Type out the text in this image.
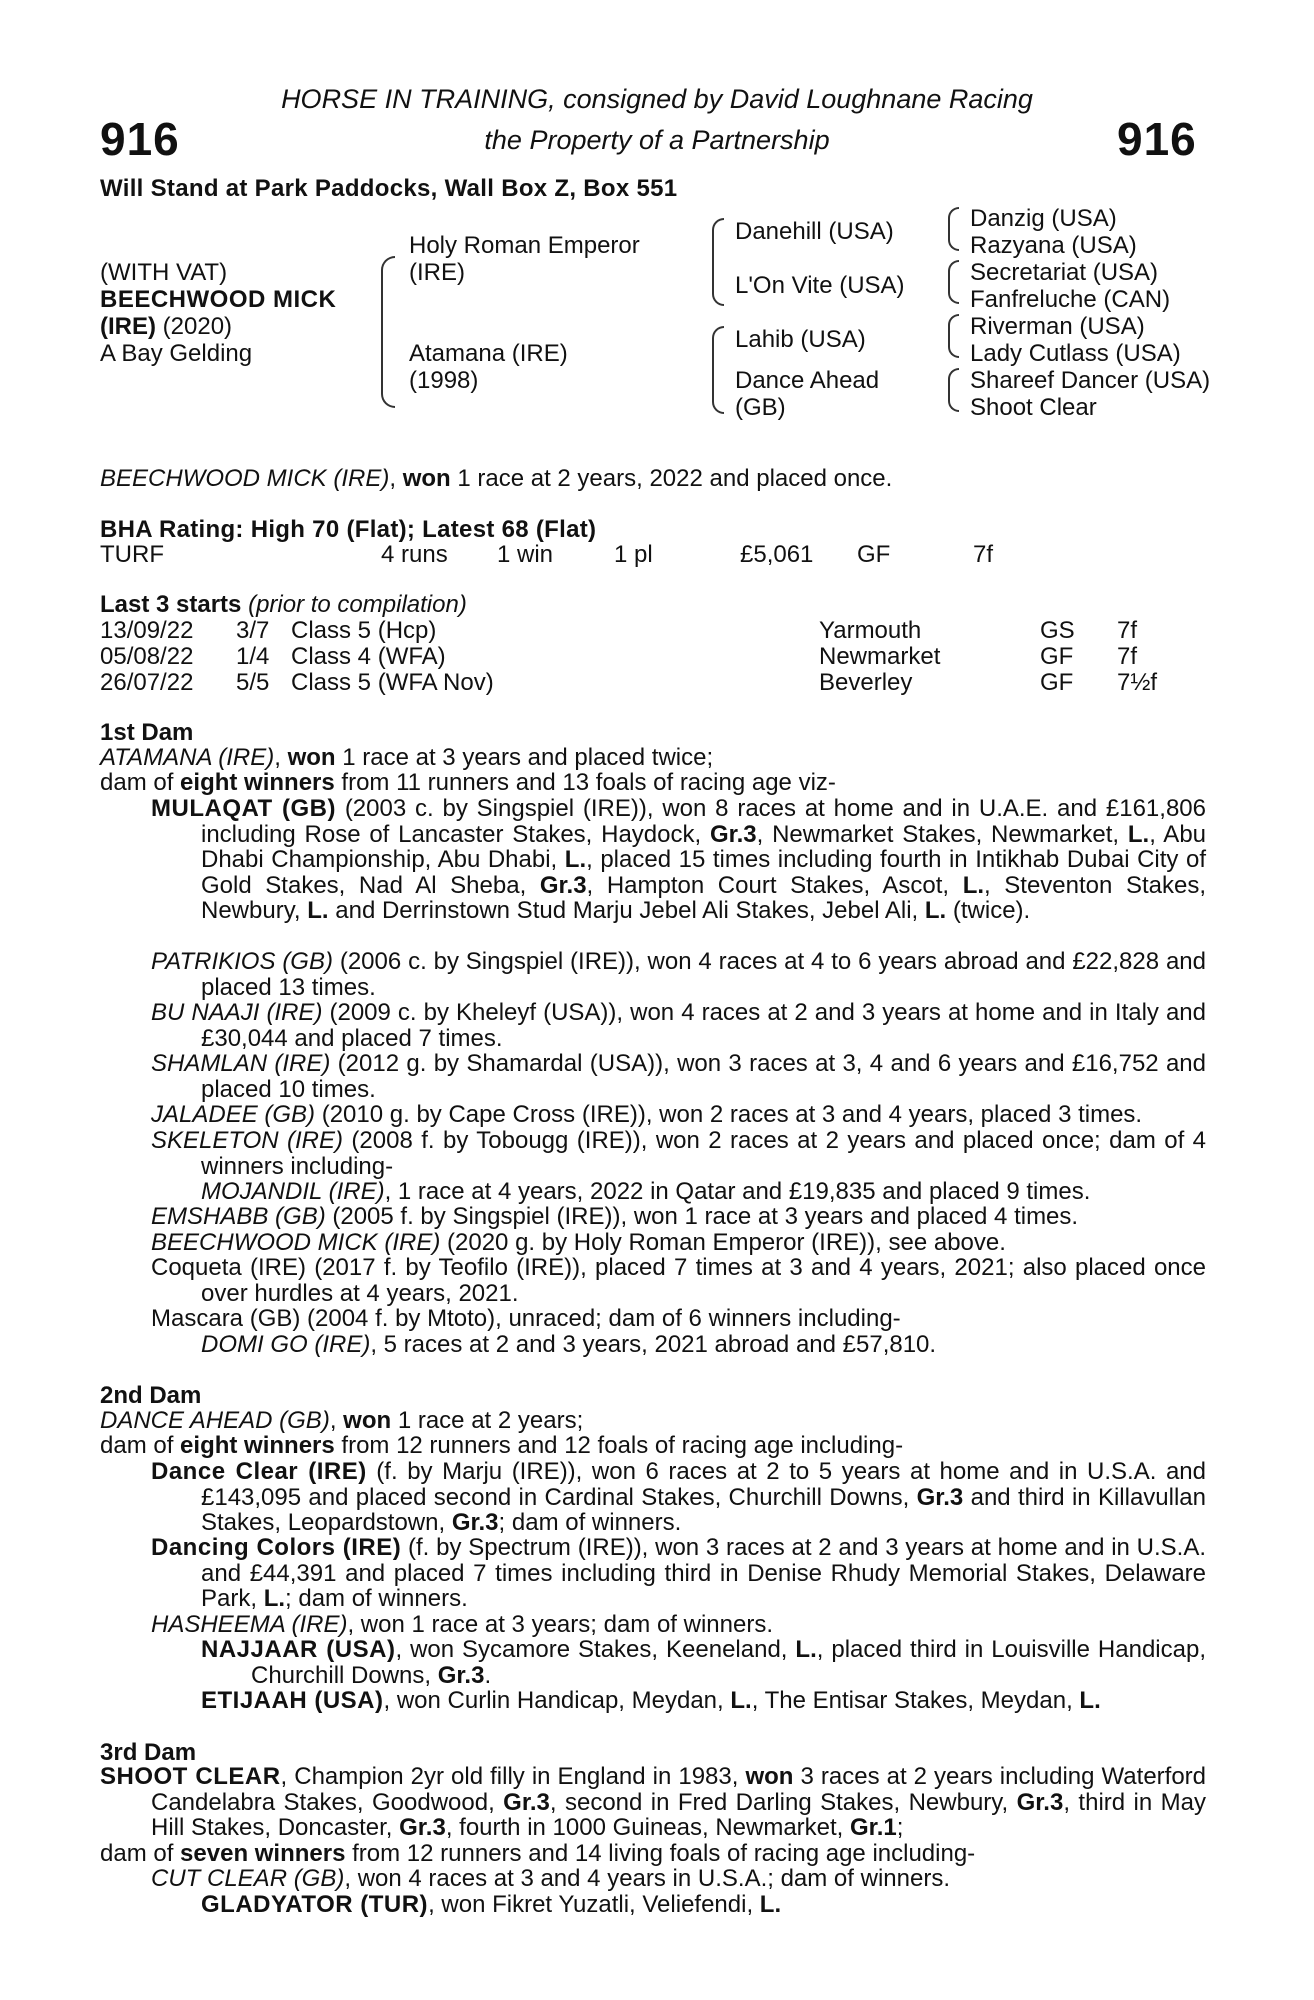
916	916
HORSE IN TRAINING, consigned by David Loughnane Racing
the Property of a Partnership
Will Stand at Park Paddocks, Wall Box Z, Box 551
(WITH VAT)
BEECHWOOD MICK
(IRE) (2020)
A Bay Gelding
Holy Roman Emperor
(IRE)
Atamana (IRE)
(1998)
Danehill (USA)
L'On Vite (USA)
Lahib (USA)
Dance Ahead
(GB)
Danzig (USA)
Razyana (USA)
Secretariat (USA)
Fanfreluche (CAN)
Riverman (USA)
Lady Cutlass (USA)
Shareef Dancer (USA)
Shoot Clear
BEECHWOOD MICK (IRE), won 1 race at 2 years, 2022 and placed once.
BHA Rating: High 70 (Flat); Latest 68 (Flat)
TURF	4 runs 1 win	1 pl	£5,061 GF	7f
Last 3 starts (prior to compilation)
13/09/22 3/7 Class 5 (Hcp)	Yarmouth	GS 7f
05/08/22 1/4 Class 4 (WFA)	Newmarket	GF 7f
26/07/22 5/5 Class 5 (WFA Nov)	Beverley	GF 7½f
1st Dam
ATAMANA (IRE), won 1 race at 3 years and placed twice;
dam of eight winners from 11 runners and 13 foals of racing age viz-
MULAQAT (GB) (2003 c. by Singspiel (IRE)), won 8 races at home and in U.A.E. and £161,806 including Rose of Lancaster Stakes, Haydock, Gr.3, Newmarket Stakes, Newmarket, L., Abu Dhabi Championship, Abu Dhabi, L., placed 15 times including fourth in Intikhab Dubai City of Gold Stakes, Nad Al Sheba, Gr.3, Hampton Court Stakes, Ascot, L., Steventon Stakes, Newbury, L. and Derrinstown Stud Marju Jebel Ali Stakes, Jebel Ali, L. (twice).
PATRIKIOS (GB) (2006 c. by Singspiel (IRE)), won 4 races at 4 to 6 years abroad and £22,828 and placed 13 times.
BU NAAJI (IRE) (2009 c. by Kheleyf (USA)), won 4 races at 2 and 3 years at home and in Italy and £30,044 and placed 7 times.
SHAMLAN (IRE) (2012 g. by Shamardal (USA)), won 3 races at 3, 4 and 6 years and £16,752 and placed 10 times.
JALADEE (GB) (2010 g. by Cape Cross (IRE)), won 2 races at 3 and 4 years, placed 3 times.
SKELETON (IRE) (2008 f. by Tobougg (IRE)), won 2 races at 2 years and placed once; dam of 4 winners including-
MOJANDIL (IRE), 1 race at 4 years, 2022 in Qatar and £19,835 and placed 9 times.
EMSHABB (GB) (2005 f. by Singspiel (IRE)), won 1 race at 3 years and placed 4 times.
BEECHWOOD MICK (IRE) (2020 g. by Holy Roman Emperor (IRE)), see above.
Coqueta (IRE) (2017 f. by Teofilo (IRE)), placed 7 times at 3 and 4 years, 2021; also placed once over hurdles at 4 years, 2021.
Mascara (GB) (2004 f. by Mtoto), unraced; dam of 6 winners including-
DOMI GO (IRE), 5 races at 2 and 3 years, 2021 abroad and £57,810.
2nd Dam
DANCE AHEAD (GB), won 1 race at 2 years;
dam of eight winners from 12 runners and 12 foals of racing age including-
Dance Clear (IRE) (f. by Marju (IRE)), won 6 races at 2 to 5 years at home and in U.S.A. and £143,095 and placed second in Cardinal Stakes, Churchill Downs, Gr.3 and third in Killavullan Stakes, Leopardstown, Gr.3; dam of winners.
Dancing Colors (IRE) (f. by Spectrum (IRE)), won 3 races at 2 and 3 years at home and in U.S.A. and £44,391 and placed 7 times including third in Denise Rhudy Memorial Stakes, Delaware Park, L.; dam of winners.
HASHEEMA (IRE), won 1 race at 3 years; dam of winners.
NAJJAAR (USA), won Sycamore Stakes, Keeneland, L., placed third in Louisville Handicap, Churchill Downs, Gr.3.
ETIJAAH (USA), won Curlin Handicap, Meydan, L., The Entisar Stakes, Meydan, L.
3rd Dam
SHOOT CLEAR, Champion 2yr old filly in England in 1983, won 3 races at 2 years including Waterford Candelabra Stakes, Goodwood, Gr.3, second in Fred Darling Stakes, Newbury, Gr.3, third in May Hill Stakes, Doncaster, Gr.3, fourth in 1000 Guineas, Newmarket, Gr.1;
dam of seven winners from 12 runners and 14 living foals of racing age including-
CUT CLEAR (GB), won 4 races at 3 and 4 years in U.S.A.; dam of winners.
GLADYATOR (TUR), won Fikret Yuzatli, Veliefendi, L.
